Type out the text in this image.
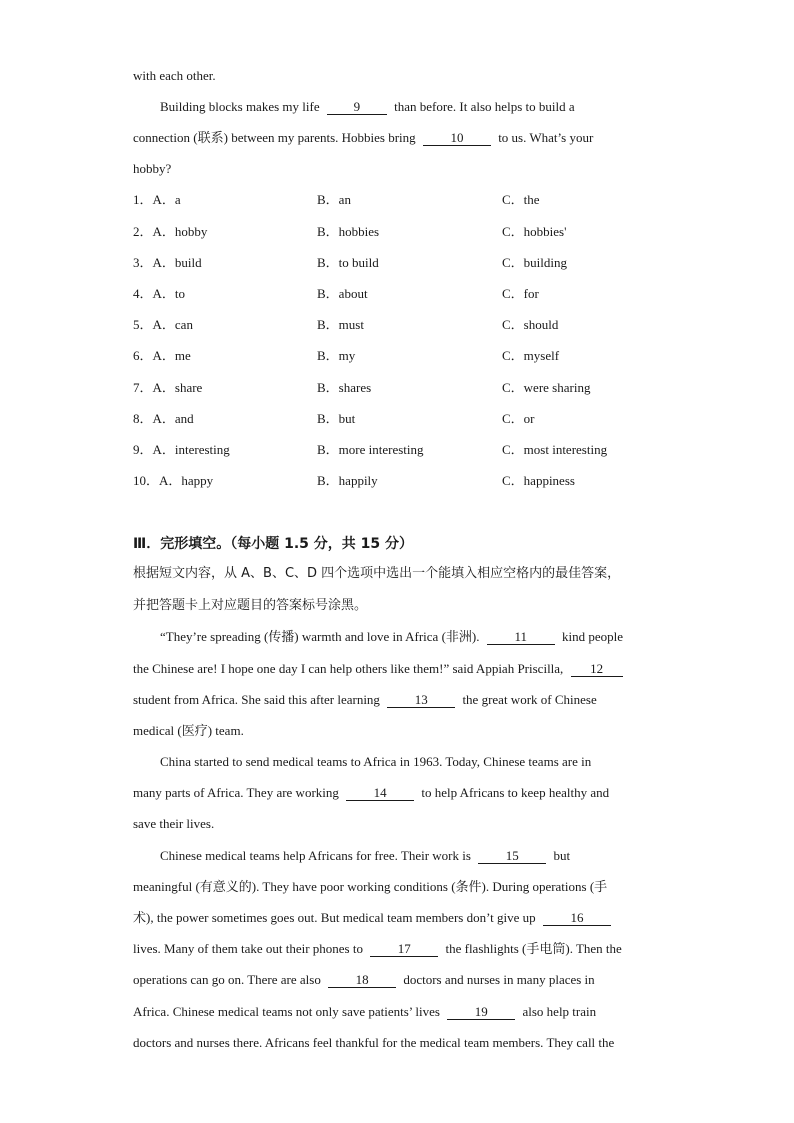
with each other.
Building blocks makes my life	9	than before. It also helps to build a
connection (联系) between my parents. Hobbies bring	10	to us. What’s your
hobby?
1．A．a	B．an	C．the
2．A．hobby	B．hobbies	C．hobbies'
3．A．build	B．to build	C．building
4．A．to	B．about	C．for
5．A．can	B．must	C．should
6．A．me	B．my	C．myself
7．A．share	B．shares	C．were sharing
8．A．and	B．but	C．or
9．A．interesting	B．more interesting	C．most interesting
10．A．happy	B．happily	C．happiness
Ⅲ．完形填空。（每小题 1.5 分，共 15 分）
根据短文内容，从 A、B、C、D 四个选项中选出一个能填入相应空格内的最佳答案，
并把答题卡上对应题目的答案标号涂黑。
“They’re spreading (传播) warmth and love in Africa (非洲).	11	kind people
the Chinese are! I hope one day I can help others like them!” said Appiah Priscilla, 12
student from Africa. She said this after learning	13	the great work of Chinese
medical (医疗) team.
China started to send medical teams to Africa in 1963. Today, Chinese teams are in
many parts of Africa. They are working	14	to help Africans to keep healthy and
save their lives.
Chinese medical teams help Africans for free. Their work is	15	but
meaningful (有意义的). They have poor working conditions (条件). During operations (手
术), the power sometimes goes out. But medical team members don’t give up	16
lives. Many of them take out their phones to	17	the flashlights (手电筒). Then the
operations can go on. There are also	18	doctors and nurses in many places in
Africa. Chinese medical teams not only save patients’ lives	19	also help train
doctors and nurses there. Africans feel thankful for the medical team members. They call the
